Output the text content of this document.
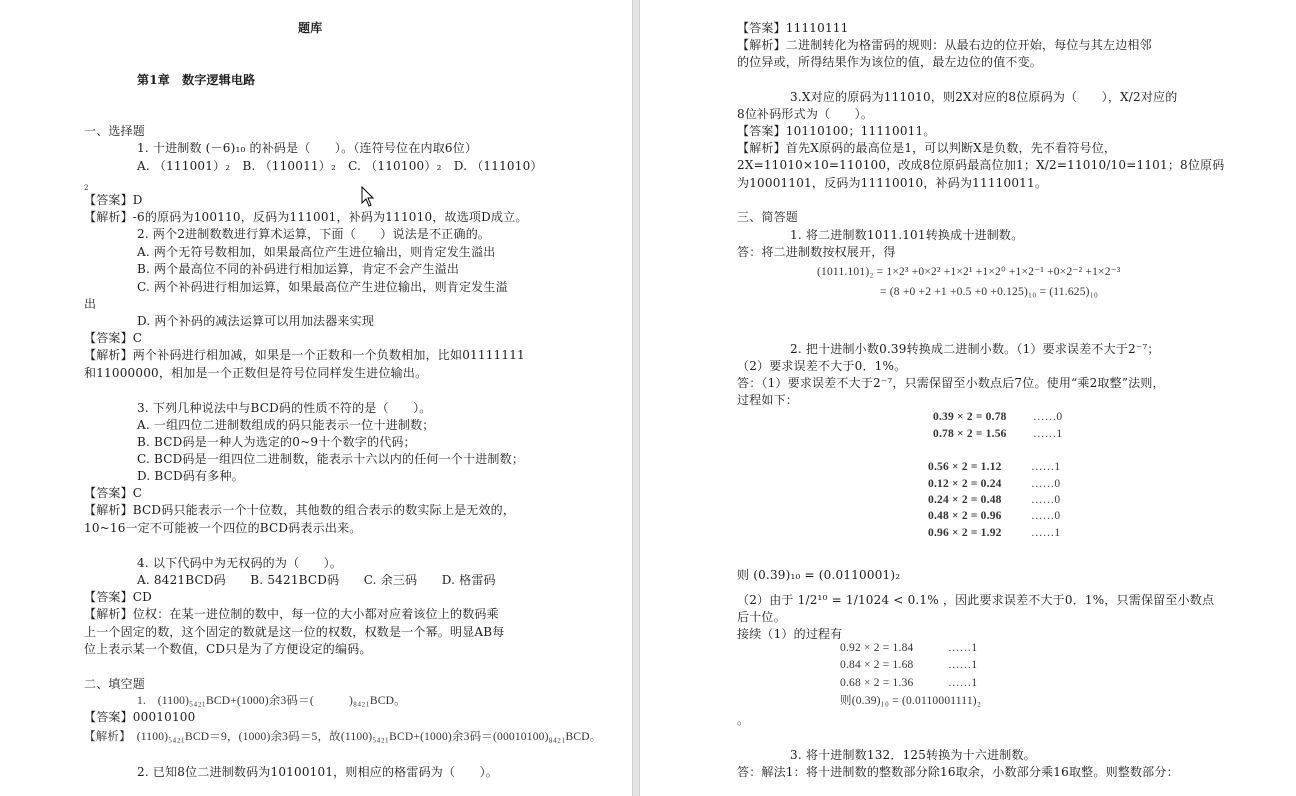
题库
第1章　数字逻辑电路
一、选择题
1. 十进制数 (－6)₁₀ 的补码是（　　）。（连符号位在内取6位）
A. （111001）₂　B. （110011）₂　C. （110100）₂　D. （111010）
2
【答案】D
【解析】-6的原码为100110，反码为111001，补码为111010，故选项D成立。
2. 两个2进制数数进行算术运算，下面（　　）说法是不正确的。
A. 两个无符号数相加，如果最高位产生进位输出，则肯定发生溢出
B. 两个最高位不同的补码进行相加运算，肯定不会产生溢出
C. 两个补码进行相加运算，如果最高位产生进位输出，则肯定发生溢
出
D. 两个补码的减法运算可以用加法器来实现
【答案】C
【解析】两个补码进行相加减，如果是一个正数和一个负数相加，比如01111111
和11000000，相加是一个正数但是符号位同样发生进位输出。
3. 下列几种说法中与BCD码的性质不符的是（　　）。
A. 一组四位二进制数组成的码只能表示一位十进制数；
B. BCD码是一种人为选定的0~9十个数字的代码；
C. BCD码是一组四位二进制数，能表示十六以内的任何一个十进制数；
D. BCD码有多种。
【答案】C
【解析】BCD码只能表示一个十位数，其他数的组合表示的数实际上是无效的，
10~16一定不可能被一个四位的BCD码表示出来。
4. 以下代码中为无权码的为（　　）。
A. 8421BCD码　　B. 5421BCD码　　C. 余三码　　D. 格雷码
【答案】CD
【解析】位权：在某一进位制的数中，每一位的大小都对应着该位上的数码乘
上一个固定的数，这个固定的数就是这一位的权数，权数是一个幂。明显AB每
位上表示某一个数值，CD只是为了方便设定的编码。
二、填空题
1.　(1100)₅₄₂₁BCD+(1000)余3码＝(　　　)₈₄₂₁BCD。
【答案】00010100
【解析】　(1100)₅₄₂₁BCD＝9，(1000)余3码＝5，故(1100)₅₄₂₁BCD+(1000)余3码＝(00010100)₈₄₂₁BCD。
2. 已知8位二进制数码为10100101，则相应的格雷码为（　　）。
【答案】11110111
【解析】二进制转化为格雷码的规则：从最右边的位开始，每位与其左边相邻
的位异或，所得结果作为该位的值，最左边位的值不变。
3.X对应的原码为111010，则2X对应的8位原码为（　　），X/2对应的
8位补码形式为（　　）。
【答案】10110100；11110011。
【解析】首先X原码的最高位是1，可以判断X是负数，先不看符号位，
2X=11010×10=110100，改成8位原码最高位加1；X/2=11010/10=1101；8位原码
为10001101，反码为11110010，补码为11110011。
三、简答题
1. 将二进制数1011.101转换成十进制数。
答：将二进制数按权展开，得
(1011.101)₂ = 1×2³ +0×2² +1×2¹ +1×2⁰ +1×2⁻¹ +0×2⁻² +1×2⁻³
= (8 +0 +2 +1 +0.5 +0 +0.125)₁₀ = (11.625)₁₀
2. 把十进制小数0.39转换成二进制小数。（1）要求误差不大于2⁻⁷；
（2）要求误差不大于0．1%。
答：（1）要求误差不大于2⁻⁷，只需保留至小数点后7位。使用“乘2取整”法则，
过程如下：
0.39 × 2 = 0.78 ……0
0.78 × 2 = 1.56 ……1
0.56 × 2 = 1.12	……1
0.12 × 2 = 0.24	……0
0.24 × 2 = 0.48	……0
0.48 × 2 = 0.96	……0
0.96 × 2 = 1.92	……1
则 (0.39)₁₀ = (0.0110001)₂
（2）由于 1/2¹⁰ = 1/1024 < 0.1% ，因此要求误差不大于0．1%，只需保留至小数点
后十位。
接续（1）的过程有
0.92 × 2 = 1.84	……1
0.84 × 2 = 1.68	……1
0.68 × 2 = 1.36	……1
则(0.39)₁₀ = (0.0110001111)₂
。
3. 将十进制数132．125转换为十六进制数。
答：解法1：将十进制数的整数部分除16取余，小数部分乘16取整。则整数部分：
